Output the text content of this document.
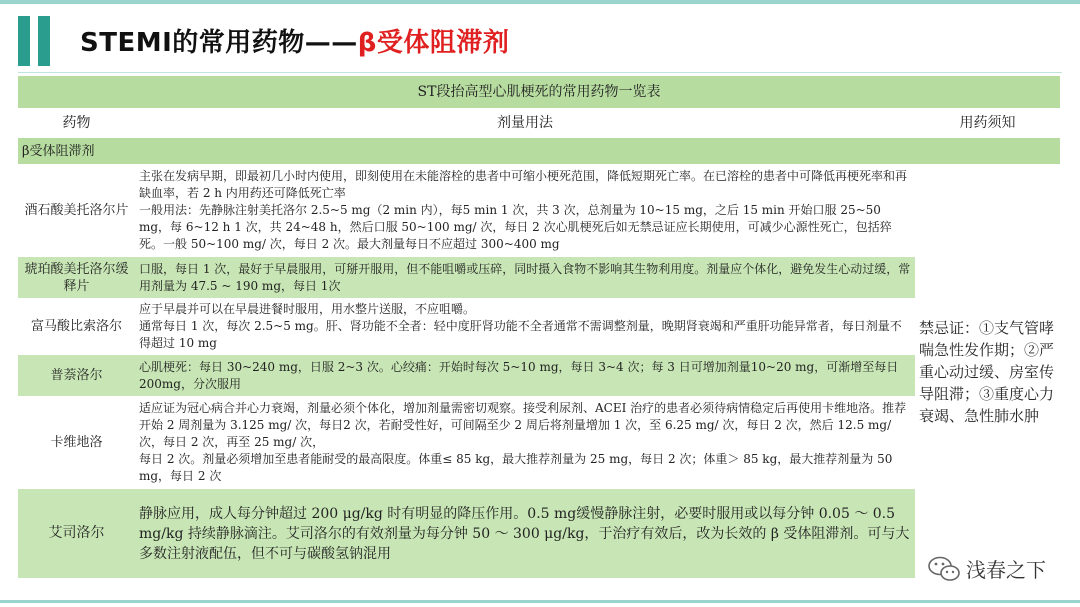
STEMI的常用药物——β受体阻滞剂
ST段抬高型心肌梗死的常用药物一览表		
药物	剂量用法	用药须知
β受体阻滞剂		
酒石酸美托洛尔片	主张在发病早期，即最初几小时内使用，即刻使用在未能溶栓的患者中可缩小梗死范围，降低短期死亡率。在已溶栓的患者中可降低再梗死率和再缺血率，若 2 h 内用药还可降低死亡率
一般用法：先静脉注射美托洛尔 2.5~5 mg（2 min 内），每5 min 1 次，共 3 次，总剂量为 10~15 mg，之后 15 min 开始口服 25~50 mg，每 6~12 h 1 次，共 24~48 h，然后口服 50~100 mg/ 次，每日 2 次心肌梗死后如无禁忌证应长期使用，可减少心源性死亡，包括猝死。一般 50~100 mg/ 次，每日 2 次。最大剂量每日不应超过 300~400 mg	禁忌证：①支气管哮喘急性发作期；②严重心动过缓、房室传导阻滞；③重度心力衰竭、急性肺水肿
琥珀酸美托洛尔缓释片	口服，每日 1 次，最好于早晨服用，可掰开服用，但不能咀嚼或压碎，同时摄入食物不影响其生物利用度。剂量应个体化，避免发生心动过缓，常用剂量为 47.5 ~ 190 mg，每日 1次	
富马酸比索洛尔	应于早晨并可以在早晨进餐时服用，用水整片送服，不应咀嚼。
通常每日 1 次，每次 2.5~5 mg。肝、肾功能不全者：轻中度肝肾功能不全者通常不需调整剂量，晚期肾衰竭和严重肝功能异常者，每日剂量不得超过 10 mg	
普萘洛尔	心肌梗死：每日 30~240 mg，日服 2~3 次。心绞痛：开始时每次 5~10 mg，每日 3~4 次；每 3 日可增加剂量10~20 mg，可渐增至每日 200mg，分次服用	
卡维地洛	适应证为冠心病合并心力衰竭，剂量必须个体化，增加剂量需密切观察。接受利尿剂、ACEI 治疗的患者必须待病情稳定后再使用卡维地洛。推荐开始 2 周剂量为 3.125 mg/ 次，每日2 次，若耐受性好，可间隔至少 2 周后将剂量增加 1 次，至 6.25 mg/ 次，每日 2 次，然后 12.5 mg/ 次，每日 2 次，再至 25 mg/ 次，
每日 2 次。剂量必须增加至患者能耐受的最高限度。体重≤ 85 kg，最大推荐剂量为 25 mg，每日 2 次；体重＞ 85 kg，最大推荐剂量为 50 mg，每日 2 次	
艾司洛尔	静脉应用，成人每分钟超过 200 μg/kg 时有明显的降压作用。0.5 mg缓慢静脉注射，必要时服用或以每分钟 0.05 ～ 0.5 mg/kg 持续静脉滴注。艾司洛尔的有效剂量为每分钟 50 ～ 300 μg/kg，于治疗有效后，改为长效的 β 受体阻滞剂。可与大多数注射液配伍，但不可与碳酸氢钠混用	
浅春之下
